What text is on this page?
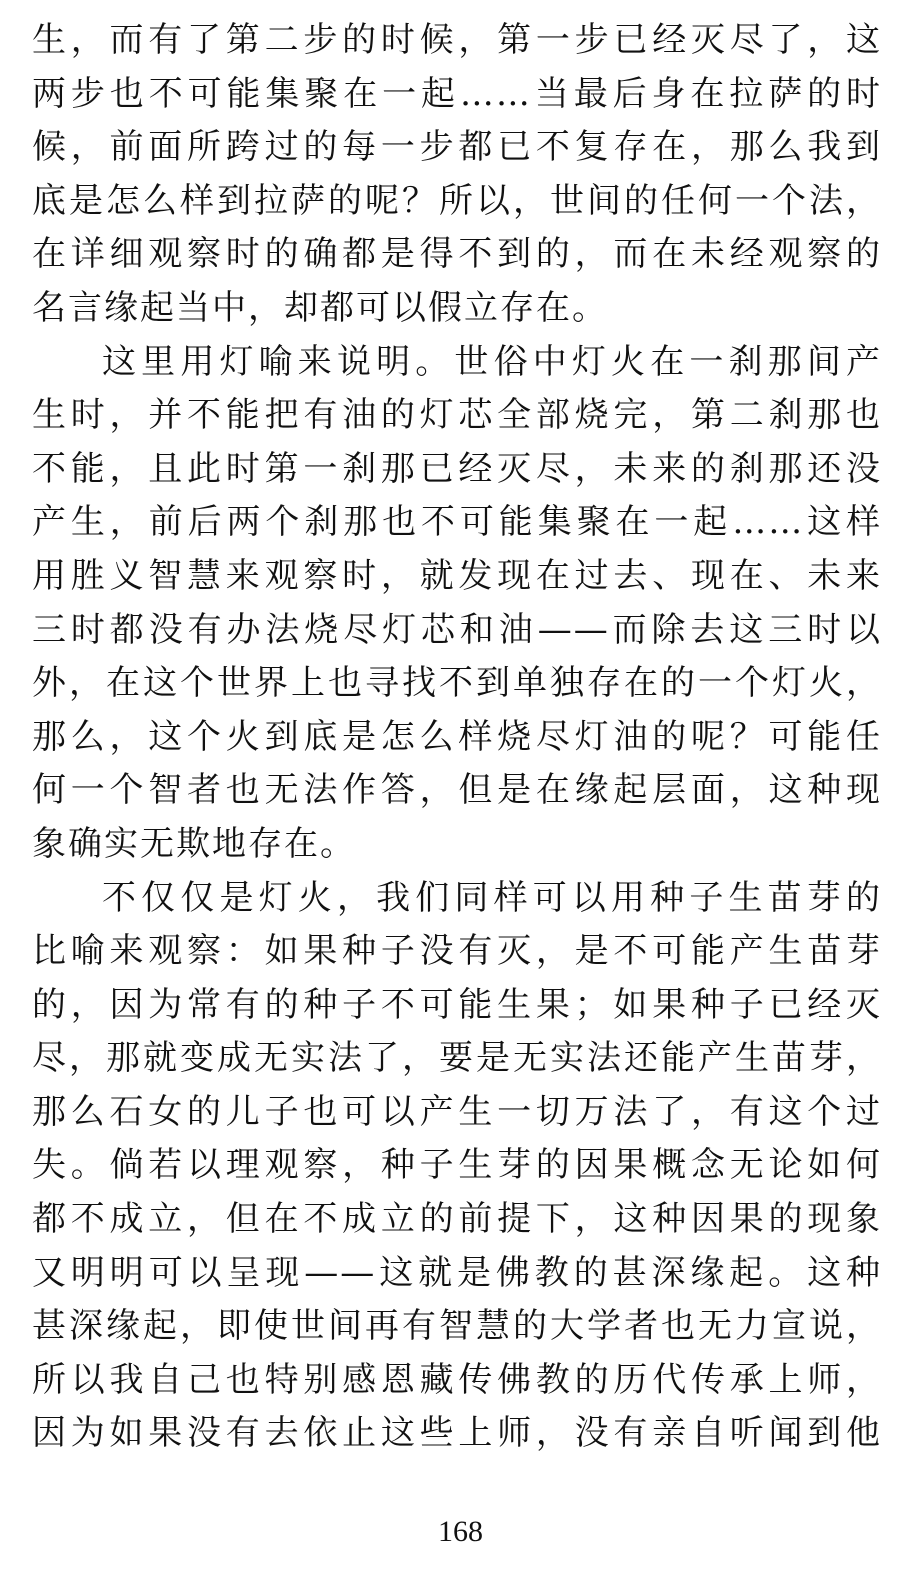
生，而有了第二步的时候，第一步已经灭尽了，这
两步也不可能集聚在一起……当最后身在拉萨的时
候，前面所跨过的每一步都已不复存在，那么我到
底是怎么样到拉萨的呢？所以，世间的任何一个法，
在详细观察时的确都是得不到的，而在未经观察的
名言缘起当中，却都可以假立存在。
这里用灯喻来说明。世俗中灯火在一刹那间产
生时，并不能把有油的灯芯全部烧完，第二刹那也
不能，且此时第一刹那已经灭尽，未来的刹那还没
产生，前后两个刹那也不可能集聚在一起……这样
用胜义智慧来观察时，就发现在过去、现在、未来
三时都没有办法烧尽灯芯和油——而除去这三时以
外，在这个世界上也寻找不到单独存在的一个灯火，
那么，这个火到底是怎么样烧尽灯油的呢？可能任
何一个智者也无法作答，但是在缘起层面，这种现
象确实无欺地存在。
不仅仅是灯火，我们同样可以用种子生苗芽的
比喻来观察：如果种子没有灭，是不可能产生苗芽
的，因为常有的种子不可能生果；如果种子已经灭
尽，那就变成无实法了，要是无实法还能产生苗芽，
那么石女的儿子也可以产生一切万法了，有这个过
失。倘若以理观察，种子生芽的因果概念无论如何
都不成立，但在不成立的前提下，这种因果的现象
又明明可以呈现——这就是佛教的甚深缘起。这种
甚深缘起，即使世间再有智慧的大学者也无力宣说，
所以我自己也特别感恩藏传佛教的历代传承上师，
因为如果没有去依止这些上师，没有亲自听闻到他
168
